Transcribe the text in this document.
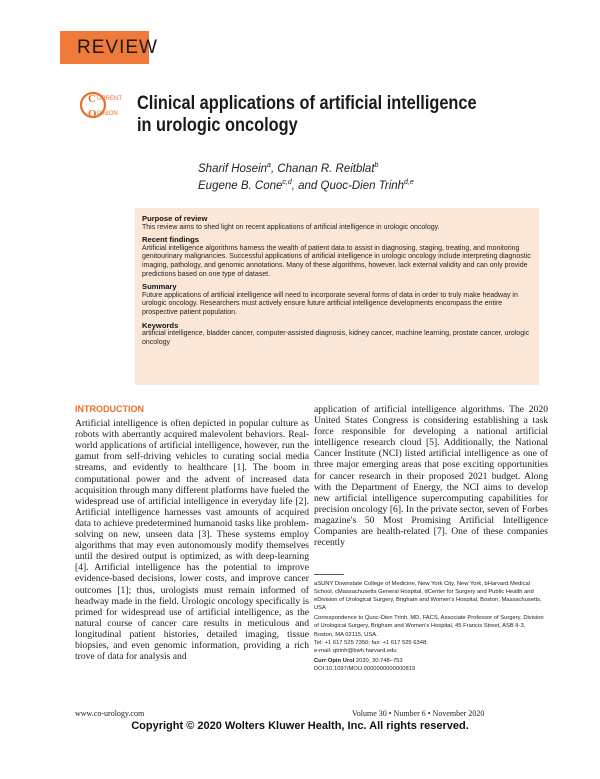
REVIEW
C
O
URRENT
PINION Clinical applications of artificial intelligence in urologic oncology
Sharif Hosein$^a$, Chanan R. Reitblat$^b$
Eugene B. Cone$^{c,d}$, and Quoc-Dien Trinh$^{d,e}$
Purpose of review

This review aims to shed light on recent applications of artificial intelligence in urologic oncology.

Recent findings

Artificial intelligence algorithms harness the wealth of patient data to assist in diagnosing, staging, treating, and monitoring genitourinary malignancies. Successful applications of artificial intelligence in urologic oncology include interpreting diagnostic imaging, pathology, and genomic annotations. Many of these algorithms, however, lack external validity and can only provide predictions based on one type of dataset.

Summary

Future applications of artificial intelligence will need to incorporate several forms of data in order to truly make headway in urologic oncology. Researchers must actively ensure future artificial intelligence developments encompass the entire prospective patient population.

Keywords

artificial intelligence, bladder cancer, computer-assisted diagnosis, kidney cancer, machine learning, prostate cancer, urologic oncology

INTRODUCTION

Artificial intelligence is often depicted in popular culture as robots with aberrantly acquired malevolent behaviors. Real-world applications of artificial intelligence, however, run the gamut from self-driving vehicles to curating social media streams, and evidently to healthcare [1]. The boom in computational power and the advent of increased data acquisition through many different platforms have fueled the widespread use of artificial intelligence in everyday life [2]. Artificial intelligence harnesses vast amounts of acquired data to achieve predetermined humanoid tasks like problem-solving on new, unseen data [3]. These systems employ algorithms that may even autonomously modify themselves until the desired output is optimized, as with deep-learning [4]. Artificial intelligence has the potential to improve evidence-based decisions, lower costs, and improve cancer outcomes [1]; thus, urologists must remain informed of headway made in the field. Urologic oncology specifically is primed for widespread use of artificial intelligence, as the natural course of cancer care results in meticulous and longitudinal patient histories, detailed imaging, tissue biopsies, and even genomic information, providing a rich trove of data for analysis and

application of artificial intelligence algorithms. The 2020 United States Congress is considering establishing a task force responsible for developing a national artificial intelligence research cloud [5]. Additionally, the National Cancer Institute (NCI) listed artificial intelligence as one of three major emerging areas that pose exciting opportunities for cancer research in their proposed 2021 budget. Along with the Department of Energy, the NCI aims to develop new artificial intelligence supercomputing capabilities for precision oncology [6]. In the private sector, seven of Forbes magazine's 50 Most Promising Artificial Intelligence Companies are health-related [7]. One of these companies recently

aSUNY Downstate College of Medicine, New York City, New York, bHarvard Medical School, cMassachusetts General Hospital, dCenter for Surgery and Public Health and eDivision of Urological Surgery, Brigham and Women's Hospital, Boston, Massachusetts, USA

Correspondence to Quoc-Dien Trinh, MD, FACS, Associate Professor of Surgery, Division of Urological Surgery, Brigham and Women's Hospital, 45 Francis Street, ASB II-3, Boston, MA 02115, USA.
Tel: +1 617 525 7350; fax: +1 617 525 6348;
e-mail: qtrinh@bwh.harvard.edu

Curr Opin Urol 2020, 30:748–753
DOI:10.1097/MOU.0000000000000819

www.co-urology.com	Volume 30 • Number 6 • November 2020
Copyright © 2020 Wolters Kluwer Health, Inc. All rights reserved.
